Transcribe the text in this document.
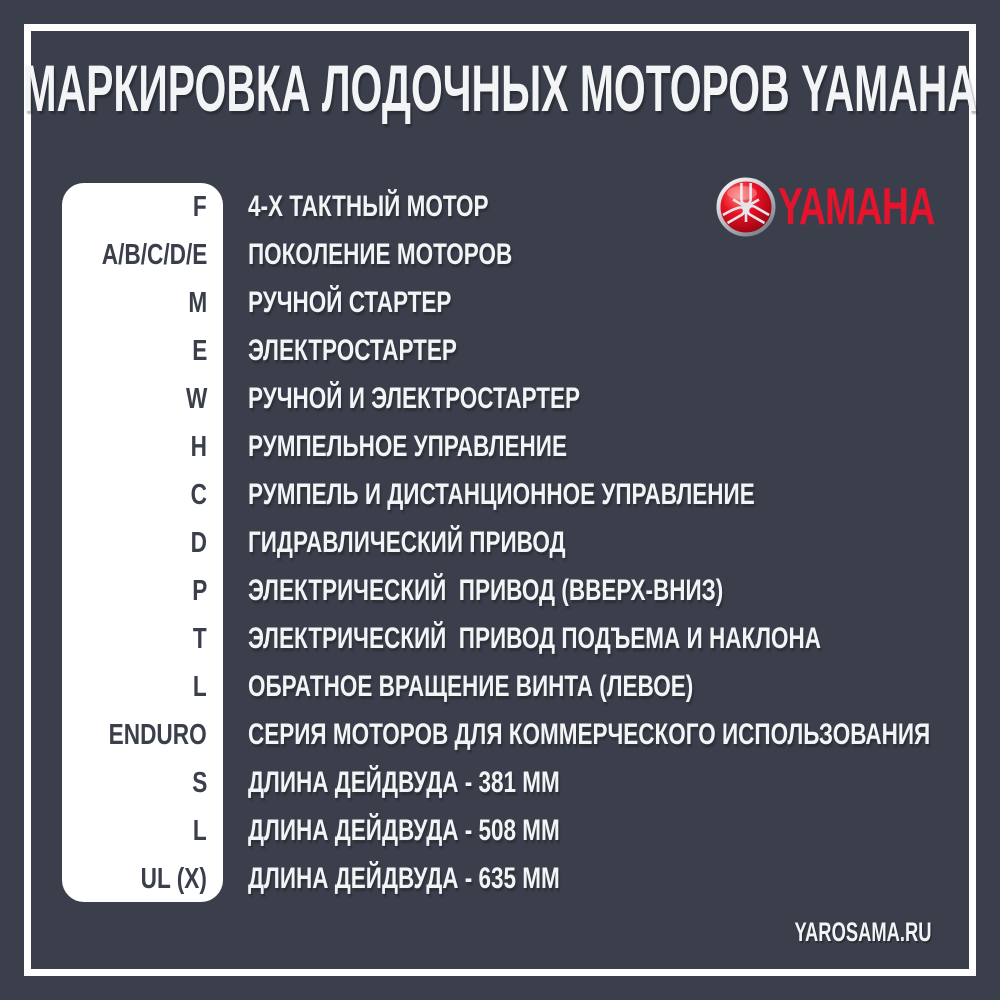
МАРКИРОВКА ЛОДОЧНЫХ МОТОРОВ YAMAHA
YAMAHA
F	4-Х ТАКТНЫЙ МОТОР
A/B/C/D/E	ПОКОЛЕНИЕ МОТОРОВ
M	РУЧНОЙ СТАРТЕР
E	ЭЛЕКТРОСТАРТЕР
W	РУЧНОЙ И ЭЛЕКТРОСТАРТЕР
H	РУМПЕЛЬНОЕ УПРАВЛЕНИЕ
C	РУМПЕЛЬ И ДИСТАНЦИОННОЕ УПРАВЛЕНИЕ
D	ГИДРАВЛИЧЕСКИЙ ПРИВОД
P	ЭЛЕКТРИЧЕСКИЙ  ПРИВОД (ВВЕРХ-ВНИЗ)
T	ЭЛЕКТРИЧЕСКИЙ  ПРИВОД ПОДЪЕМА И НАКЛОНА
L	ОБРАТНОЕ ВРАЩЕНИЕ ВИНТА (ЛЕВОЕ)
ENDURO	СЕРИЯ МОТОРОВ ДЛЯ КОММЕРЧЕСКОГО ИСПОЛЬЗОВАНИЯ
S	ДЛИНА ДЕЙДВУДА - 381 ММ
L	ДЛИНА ДЕЙДВУДА - 508 ММ
UL (X)	ДЛИНА ДЕЙДВУДА - 635 ММ
YAROSAMA.RU
